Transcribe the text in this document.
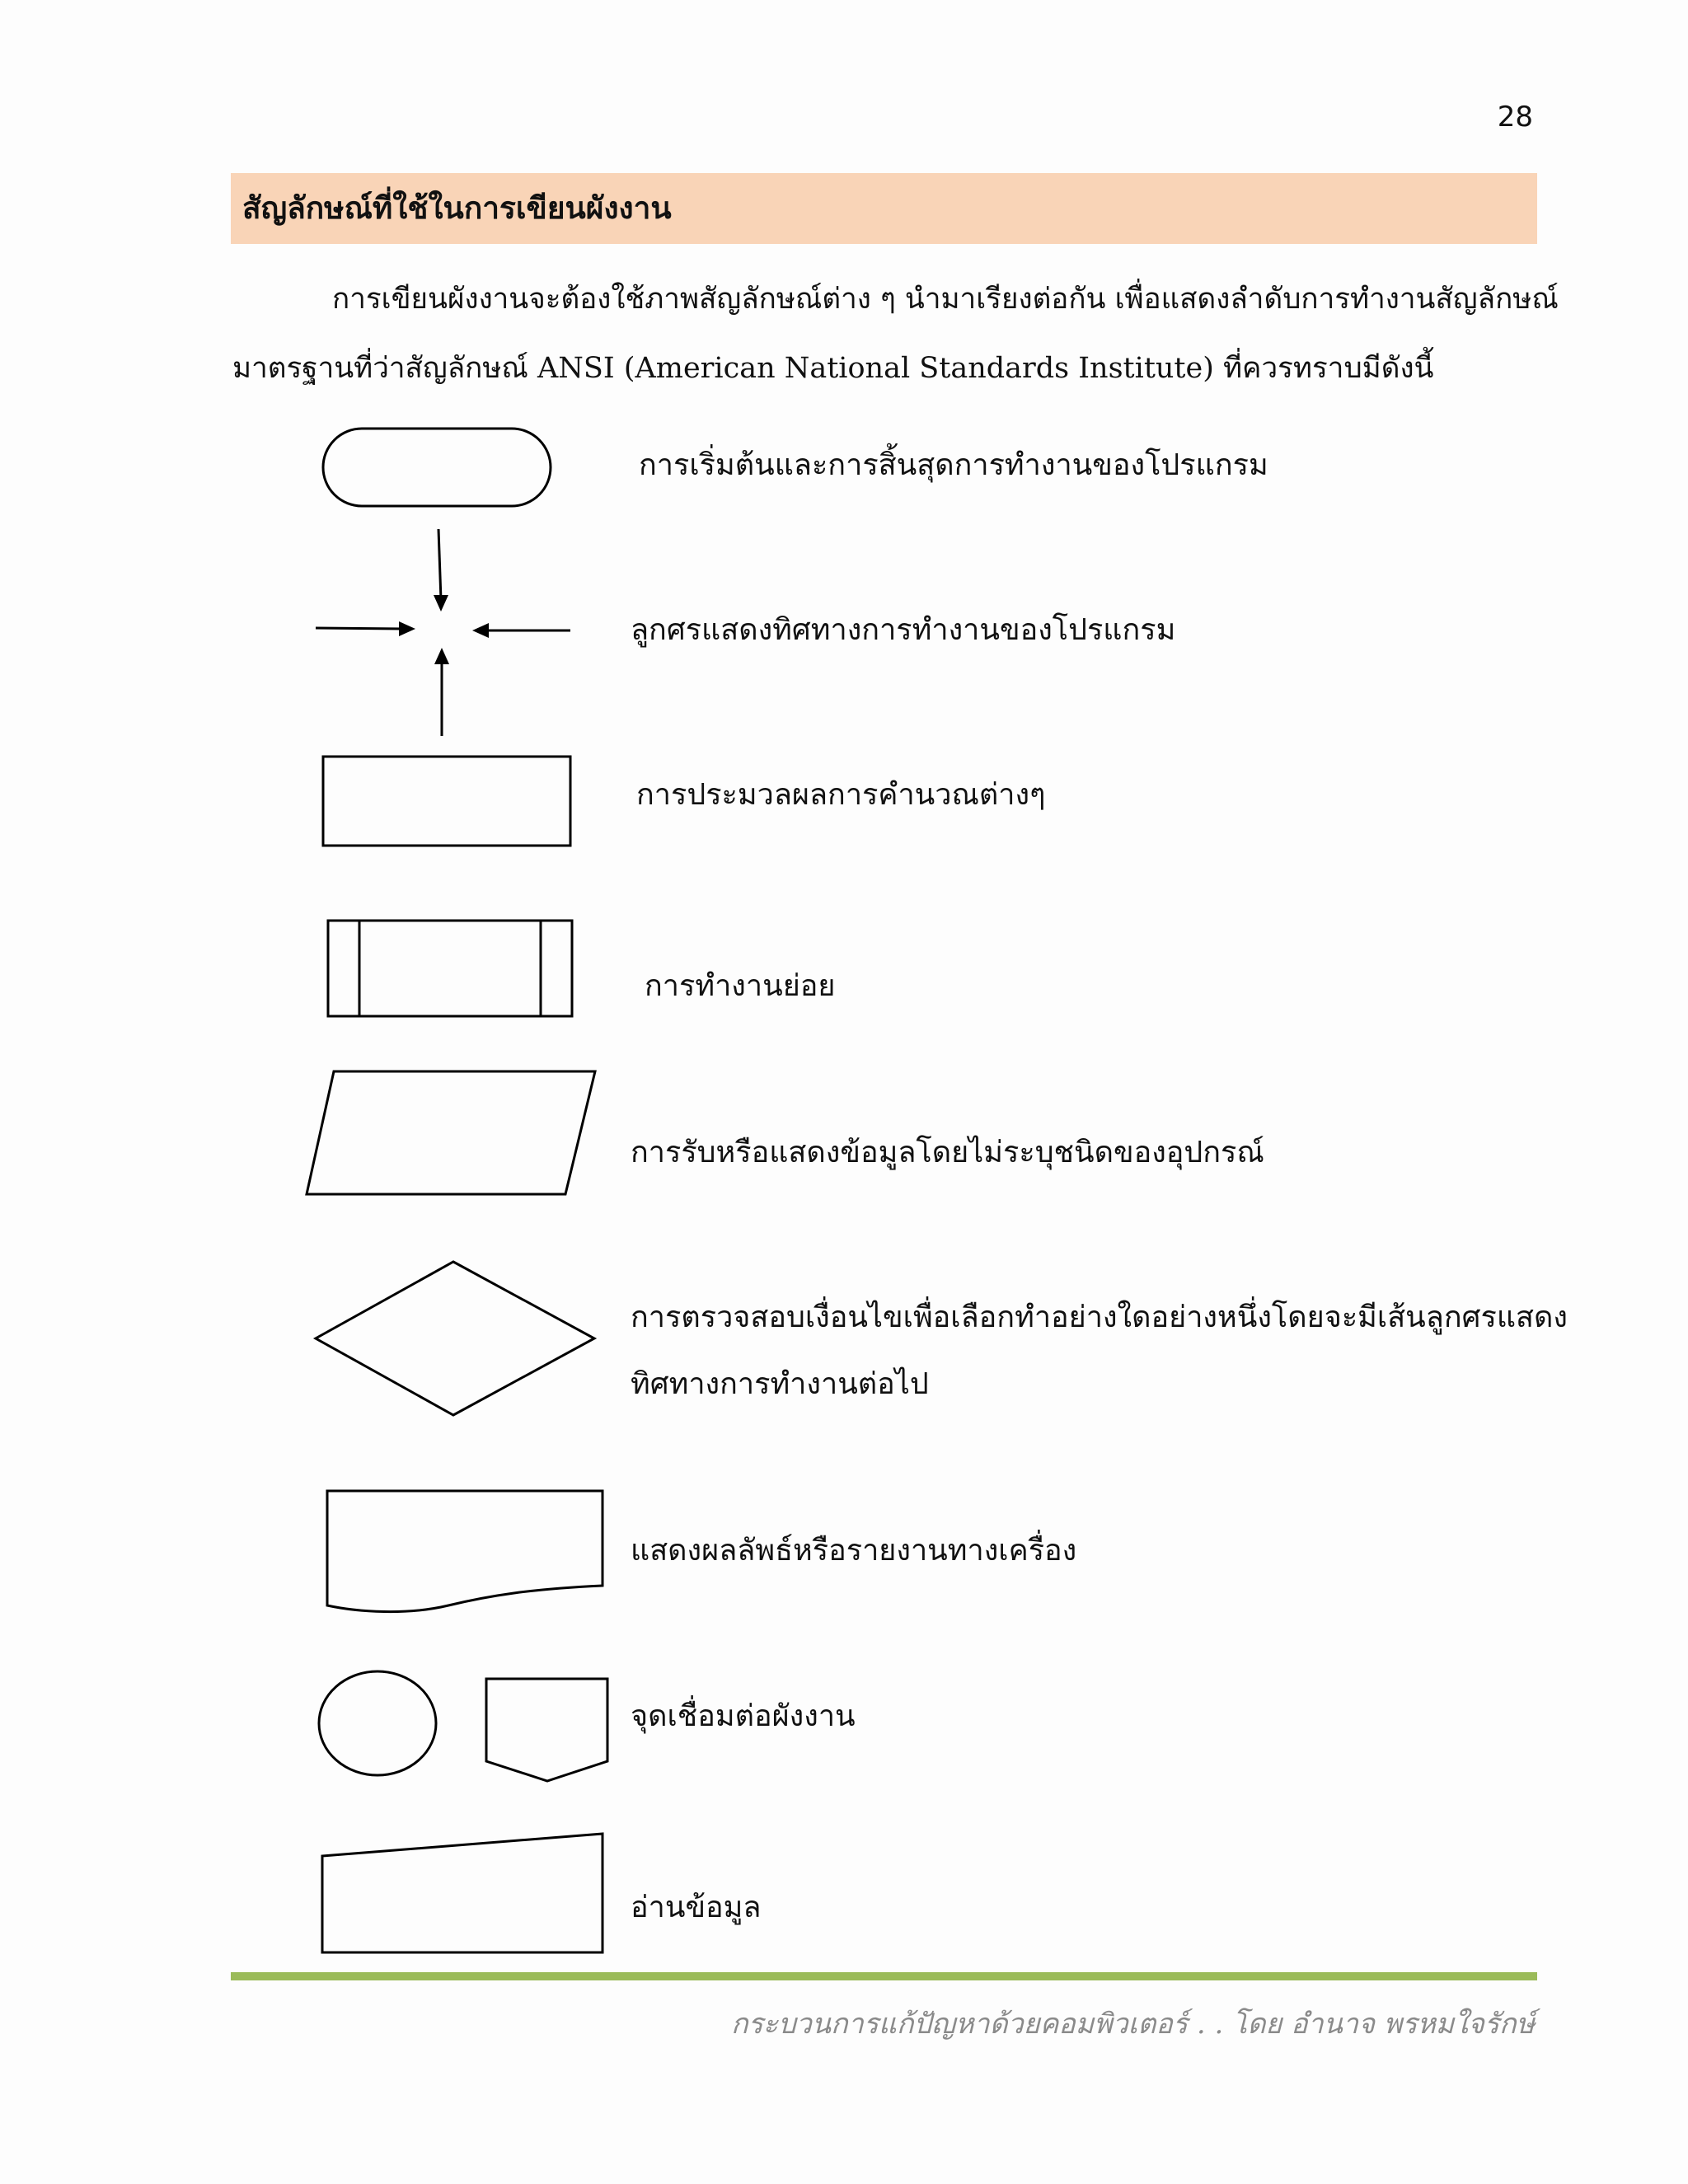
28
สัญลักษณ์ที่ใช้ในการเขียนผังงาน
การเขียนผังงานจะต้องใช้ภาพสัญลักษณ์ต่าง ๆ นำมาเรียงต่อกัน เพื่อแสดงลำดับการทำงานสัญลักษณ์
มาตรฐานที่ว่าสัญลักษณ์ ANSI (American National Standards Institute) ที่ควรทราบมีดังนี้
การเริ่มต้นและการสิ้นสุดการทำงานของโปรแกรม
ลูกศรแสดงทิศทางการทำงานของโปรแกรม
การประมวลผลการคำนวณต่างๆ
การทำงานย่อย
การรับหรือแสดงข้อมูลโดยไม่ระบุชนิดของอุปกรณ์
การตรวจสอบเงื่อนไขเพื่อเลือกทำอย่างใดอย่างหนึ่งโดยจะมีเส้นลูกศรแสดง
ทิศทางการทำงานต่อไป
แสดงผลลัพธ์หรือรายงานทางเครื่อง
จุดเชื่อมต่อผังงาน
อ่านข้อมูล
กระบวนการแก้ปัญหาด้วยคอมพิวเตอร์ . . โดย อำนาจ พรหมใจรักษ์
